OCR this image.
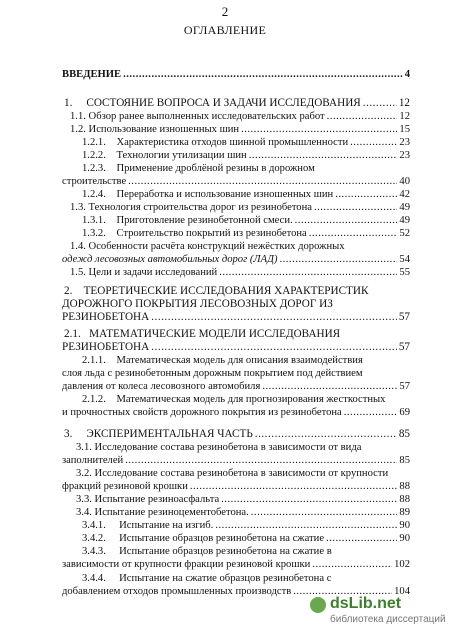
2
ОГЛАВЛЕНИЕ
ВВЕДЕНИЕ .....	4
1. СОСТОЯНИЕ ВОПРОСА И ЗАДАЧИ ИССЛЕДОВАНИЯ .....	12
1.1. Обзор ранее выполненных исследовательских работ .....	12
1.2. Использование изношенных шин .....	15
1.2.1. Характеристика отходов шинной промышленности .....	23
1.2.2. Технологии утилизации шин .....	23
1.2.3. Применение дроблёной резины в дорожном
строительстве .....	40
1.2.4. Переработка и использование изношенных шин .....	42
1.3. Технология строительства дорог из резинобетона .....	49
1.3.1. Приготовление резинобетонной смеси. .....	49
1.3.2. Строительство покрытий из резинобетона .....	52
1.4. Особенности расчёта конструкций нежёстких дорожных
одежд лесовозных автомобильных дорог (ЛАД) .....	54
1.5. Цели и задачи исследований .....	55
2. ТЕОРЕТИЧЕСКИЕ ИССЛЕДОВАНИЯ ХАРАКТЕРИСТИК
ДОРОЖНОГО ПОКРЫТИЯ ЛЕСОВОЗНЫХ ДОРОГ ИЗ
РЕЗИНОБЕТОНА .....	57
2.1. МАТЕМАТИЧЕСКИЕ МОДЕЛИ ИССЛЕДОВАНИЯ
РЕЗИНОБЕТОНА .....	57
2.1.1. Математическая модель для описания взаимодействия
слоя льда с резинобетонным дорожным покрытием под действием
давления от колеса лесовозного автомобиля .....	57
2.1.2. Математическая модель для прогнозирования жесткостных
и прочностных свойств дорожного покрытия из резинобетона .....	69
3. ЭКСПЕРИМЕНТАЛЬНАЯ ЧАСТЬ .....	85
3.1. Исследование состава резинобетона в зависимости от вида
заполнителей .....	85
3.2. Исследование состава резинобетона в зависимости от крупности
фракций резиновой крошки .....	88
3.3. Испытание резиноасфальта .....	88
3.4. Испытание резиноцементобетона. .....	89
3.4.1. Испытание на изгиб. .....	90
3.4.2. Испытание образцов резинобетона на сжатие .....	90
3.4.3. Испытание образцов резинобетона на сжатие в
зависимости от крупности фракции резиновой крошки .....	102
3.4.4. Испытание на сжатие образцов резинобетона с
добавлением отходов промышленных производств .....	104
dsLib.net
библиотека диссертаций
